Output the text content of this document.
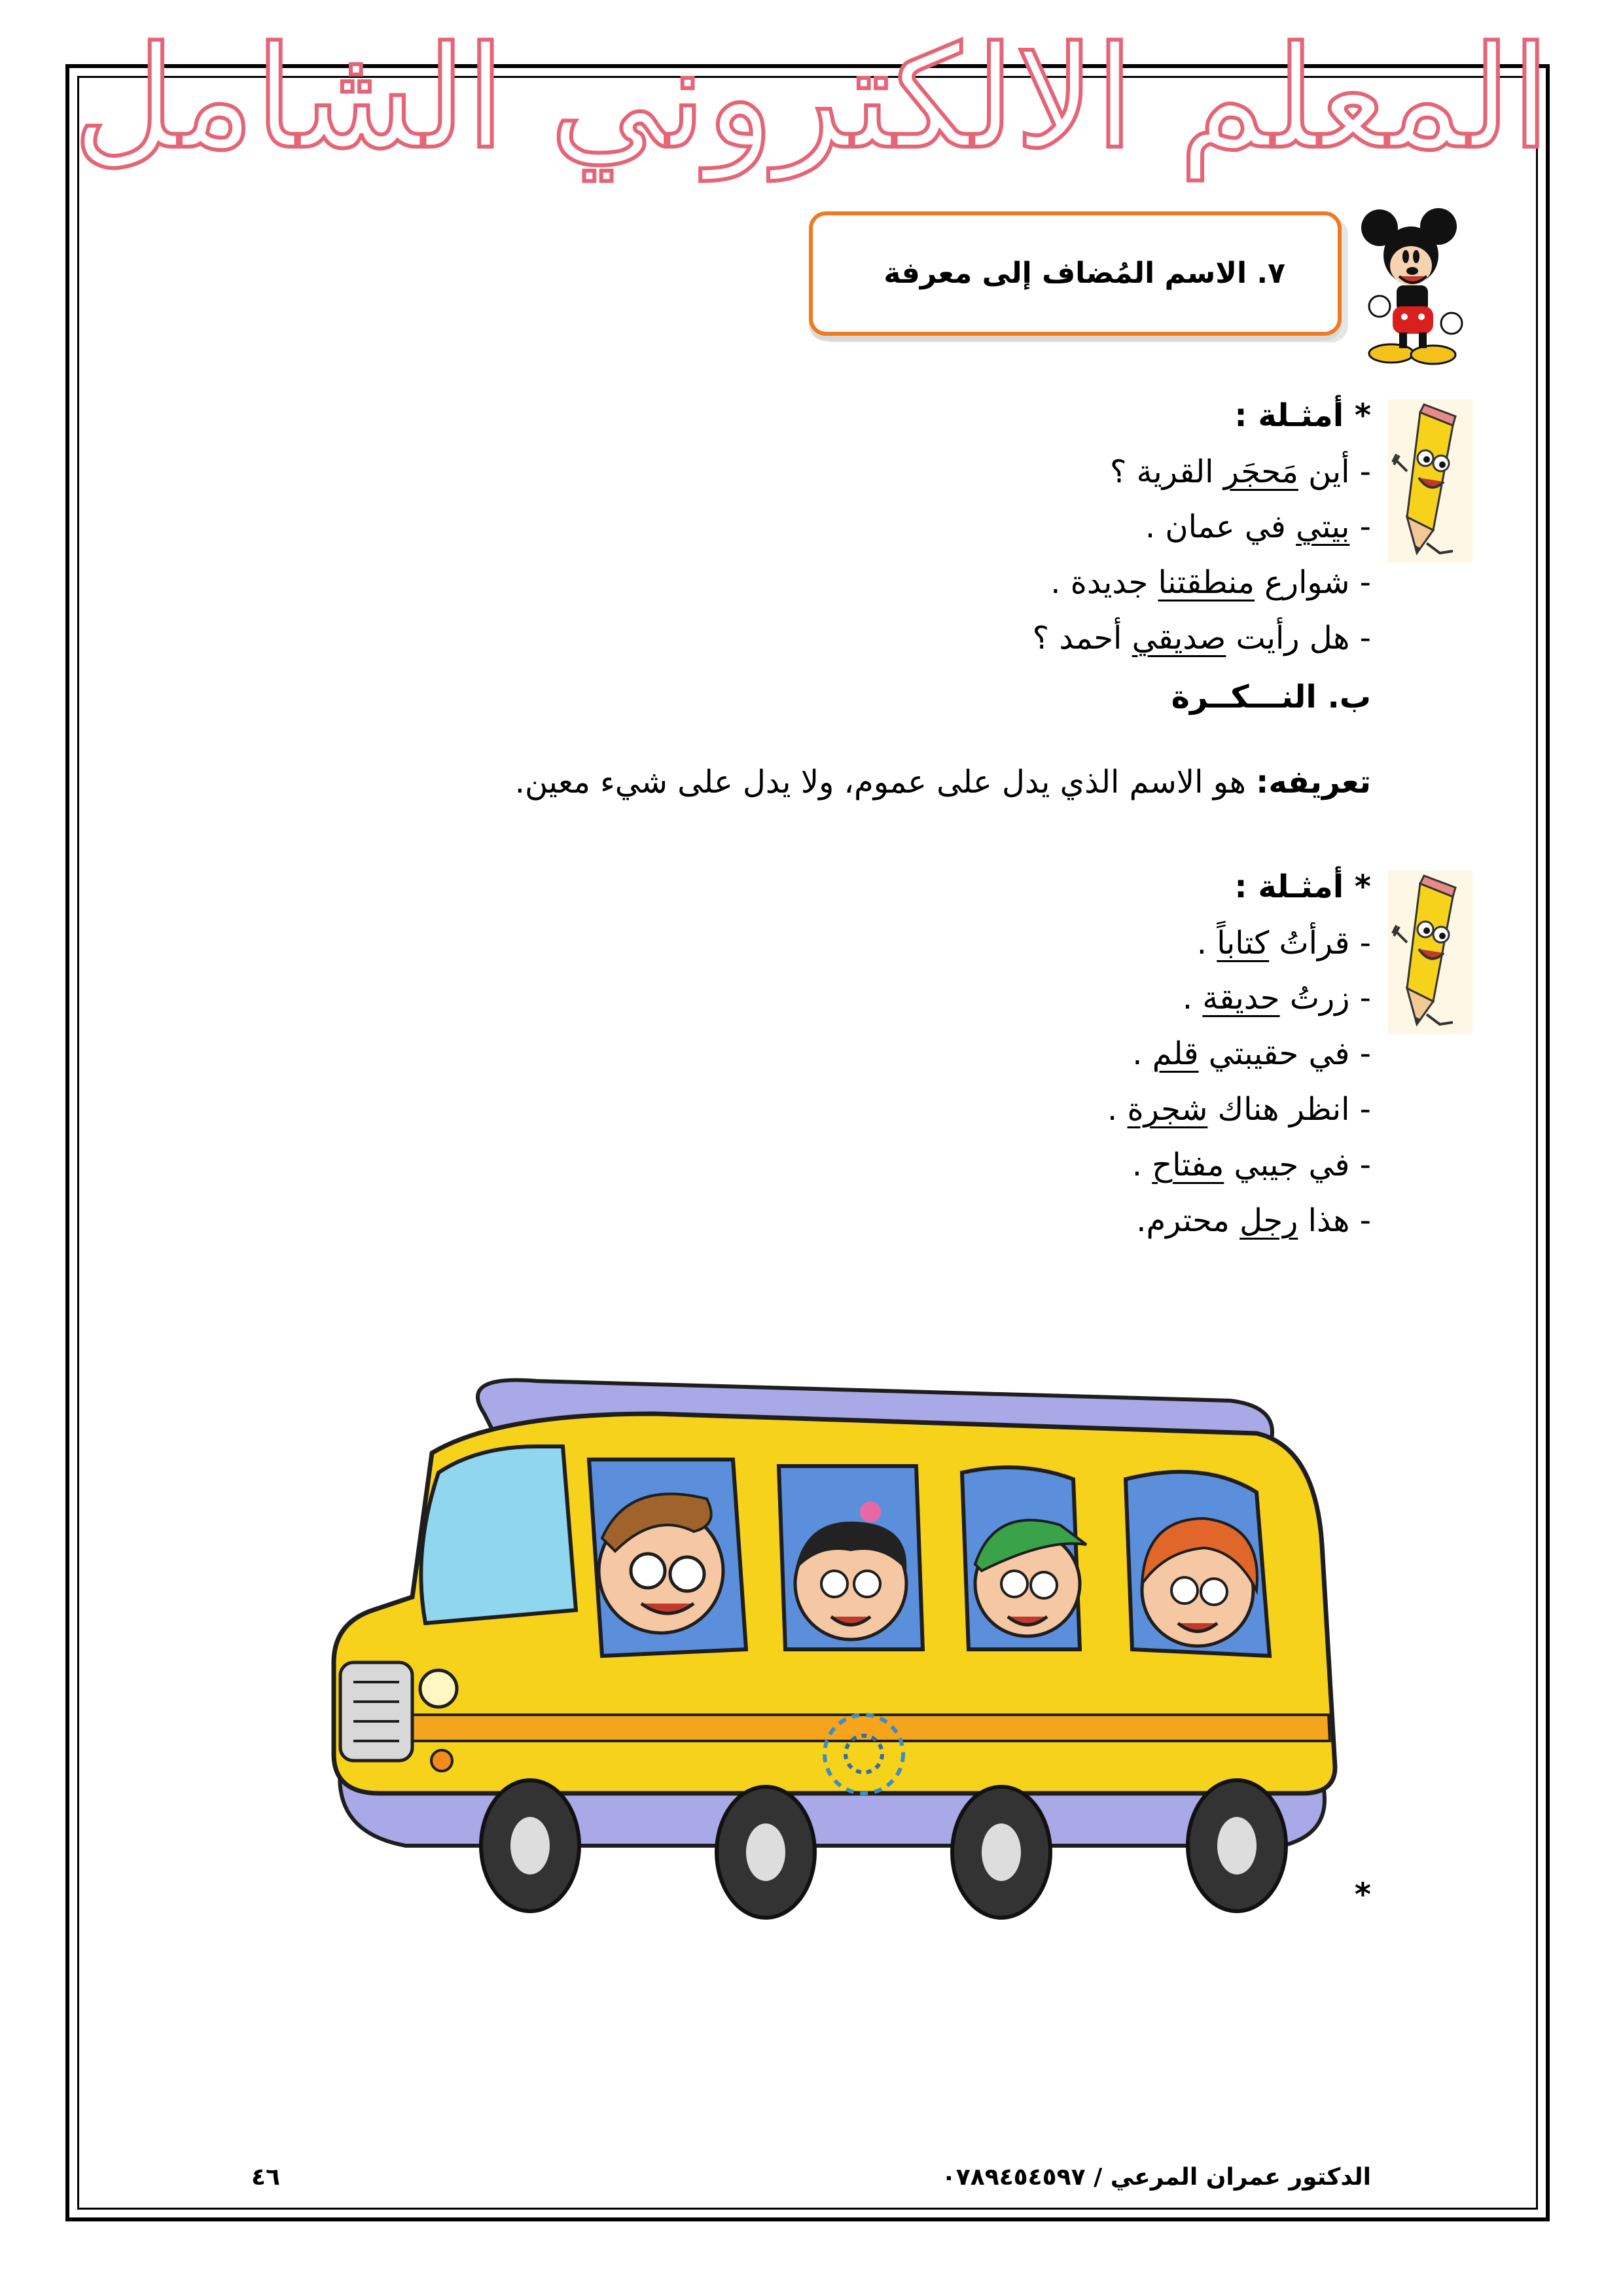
المعلم الالكتروني الشامل
٧. الاسم المُضاف إلى معرفة
* أمثـلة :
- أين مَحجَر القرية ؟
- بيتي في عمان .
- شوارع منطقتنا جديدة .
- هل رأيت صديقي أحمد ؟
ب. النـــكــرة
تعريفه: هو الاسم الذي يدل على عموم، ولا يدل على شيء معين.
* أمثـلة :
- قرأتُ كتاباً .
- زرتُ حديقة .
- في حقيبتي قلم .
- انظر هناك شجرة .
- في جيبي مفتاح .
- هذا رجل محترم.
*
الدكتور عمران المرعي / ٠٧٨٩٤٥٤٥٩٧
٤٦
